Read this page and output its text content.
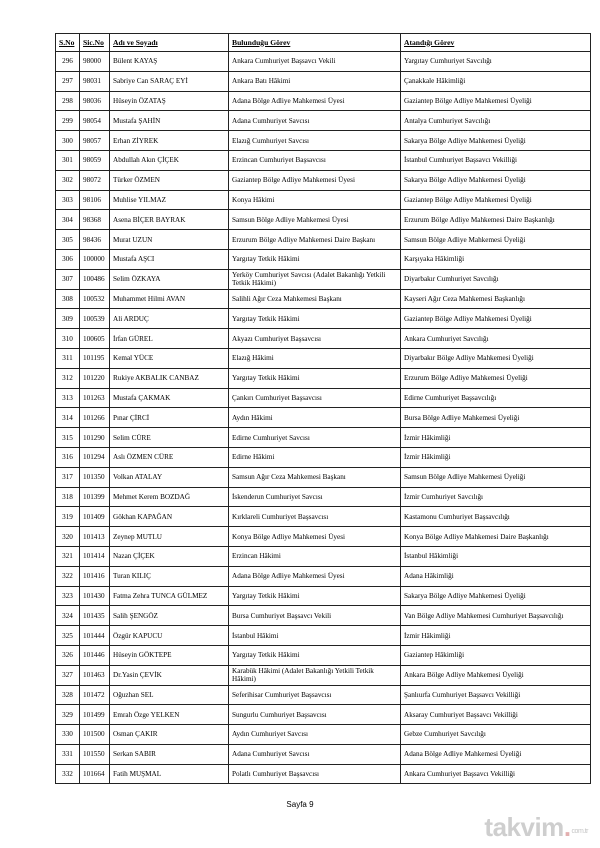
S.No	Sic.No	Adı ve Soyadı	Bulunduğu Görev	Atandığı Görev
296	98000	Bülent KAYAŞ	Ankara Cumhuriyet Başsavcı Vekili	Yargıtay Cumhuriyet Savcılığı
297	98031	Sabriye Can SARAÇ EYİ	Ankara Batı Hâkimi	Çanakkale Hâkimliği
298	98036	Hüseyin ÖZATAŞ	Adana Bölge Adliye Mahkemesi Üyesi	Gaziantep Bölge Adliye Mahkemesi Üyeliği
299	98054	Mustafa ŞAHİN	Adana Cumhuriyet Savcısı	Antalya Cumhuriyet Savcılığı
300	98057	Erhan ZİYREK	Elazığ Cumhuriyet Savcısı	Sakarya Bölge Adliye Mahkemesi Üyeliği
301	98059	Abdullah Akın ÇİÇEK	Erzincan Cumhuriyet Başsavcısı	İstanbul Cumhuriyet Başsavcı Vekilliği
302	98072	Türker ÖZMEN	Gaziantep Bölge Adliye Mahkemesi Üyesi	Sakarya Bölge Adliye Mahkemesi Üyeliği
303	98106	Muhlise YILMAZ	Konya Hâkimi	Gaziantep Bölge Adliye Mahkemesi Üyeliği
304	98368	Asena BİÇER BAYRAK	Samsun Bölge Adliye Mahkemesi Üyesi	Erzurum Bölge Adliye Mahkemesi Daire Başkanlığı
305	98436	Murat UZUN	Erzurum Bölge Adliye Mahkemesi Daire Başkanı	Samsun Bölge Adliye Mahkemesi Üyeliği
306	100000	Mustafa AŞCI	Yargıtay Tetkik Hâkimi	Karşıyaka Hâkimliği
307	100486	Selim ÖZKAYA	Yerköy Cumhuriyet Savcısı (Adalet Bakanlığı Yetkili Tetkik Hâkimi)	Diyarbakır Cumhuriyet Savcılığı
308	100532	Muhammet Hilmi AVAN	Salihli Ağır Ceza Mahkemesi Başkanı	Kayseri Ağır Ceza Mahkemesi Başkanlığı
309	100539	Ali ARDUÇ	Yargıtay Tetkik Hâkimi	Gaziantep Bölge Adliye Mahkemesi Üyeliği
310	100605	İrfan GÜREL	Akyazı Cumhuriyet Başsavcısı	Ankara Cumhuriyet Savcılığı
311	101195	Kemal YÜCE	Elazığ Hâkimi	Diyarbakır Bölge Adliye Mahkemesi Üyeliği
312	101220	Rukiye AKBALIK CANBAZ	Yargıtay Tetkik Hâkimi	Erzurum Bölge Adliye Mahkemesi Üyeliği
313	101263	Mustafa ÇAKMAK	Çankırı Cumhuriyet Başsavcısı	Edirne Cumhuriyet Başsavcılığı
314	101266	Pınar ÇİRCİ	Aydın Hâkimi	Bursa Bölge Adliye Mahkemesi Üyeliği
315	101290	Selim CÜRE	Edirne Cumhuriyet Savcısı	İzmir Hâkimliği
316	101294	Aslı ÖZMEN CÜRE	Edirne Hâkimi	İzmir Hâkimliği
317	101350	Volkan ATALAY	Samsun Ağır Ceza Mahkemesi Başkanı	Samsun Bölge Adliye Mahkemesi Üyeliği
318	101399	Mehmet Kerem BOZDAĞ	İskenderun Cumhuriyet Savcısı	İzmir Cumhuriyet Savcılığı
319	101409	Gökhan KAPAĞAN	Kırklareli Cumhuriyet Başsavcısı	Kastamonu Cumhuriyet Başsavcılığı
320	101413	Zeynep MUTLU	Konya Bölge Adliye Mahkemesi Üyesi	Konya Bölge Adliye Mahkemesi Daire Başkanlığı
321	101414	Nazan ÇİÇEK	Erzincan Hâkimi	İstanbul Hâkimliği
322	101416	Turan KILIÇ	Adana Bölge Adliye Mahkemesi Üyesi	Adana Hâkimliği
323	101430	Fatma Zehra TUNCA GÜLMEZ	Yargıtay Tetkik Hâkimi	Sakarya Bölge Adliye Mahkemesi Üyeliği
324	101435	Salih ŞENGÖZ	Bursa Cumhuriyet Başsavcı Vekili	Van Bölge Adliye Mahkemesi Cumhuriyet Başsavcılığı
325	101444	Özgür KAPUCU	İstanbul Hâkimi	İzmir Hâkimliği
326	101446	Hüseyin GÖKTEPE	Yargıtay Tetkik Hâkimi	Gaziantep Hâkimliği
327	101463	Dr.Yasin ÇEVİK	Karabük Hâkimi (Adalet Bakanlığı Yetkili Tetkik Hâkimi)	Ankara Bölge Adliye Mahkemesi Üyeliği
328	101472	Oğuzhan SEL	Seferihisar Cumhuriyet Başsavcısı	Şanlıurfa Cumhuriyet Başsavcı Vekilliği
329	101499	Emrah Özge YELKEN	Sungurlu Cumhuriyet Başsavcısı	Aksaray Cumhuriyet Başsavcı Vekilliği
330	101500	Osman ÇAKIR	Aydın Cumhuriyet Savcısı	Gebze Cumhuriyet Savcılığı
331	101550	Serkan SABIR	Adana Cumhuriyet Savcısı	Adana Bölge Adliye Mahkemesi Üyeliği
332	101664	Fatih MUŞMAL	Polatlı Cumhuriyet Başsavcısı	Ankara Cumhuriyet Başsavcı Vekilliği
Sayfa 9
takvim.com.tr
